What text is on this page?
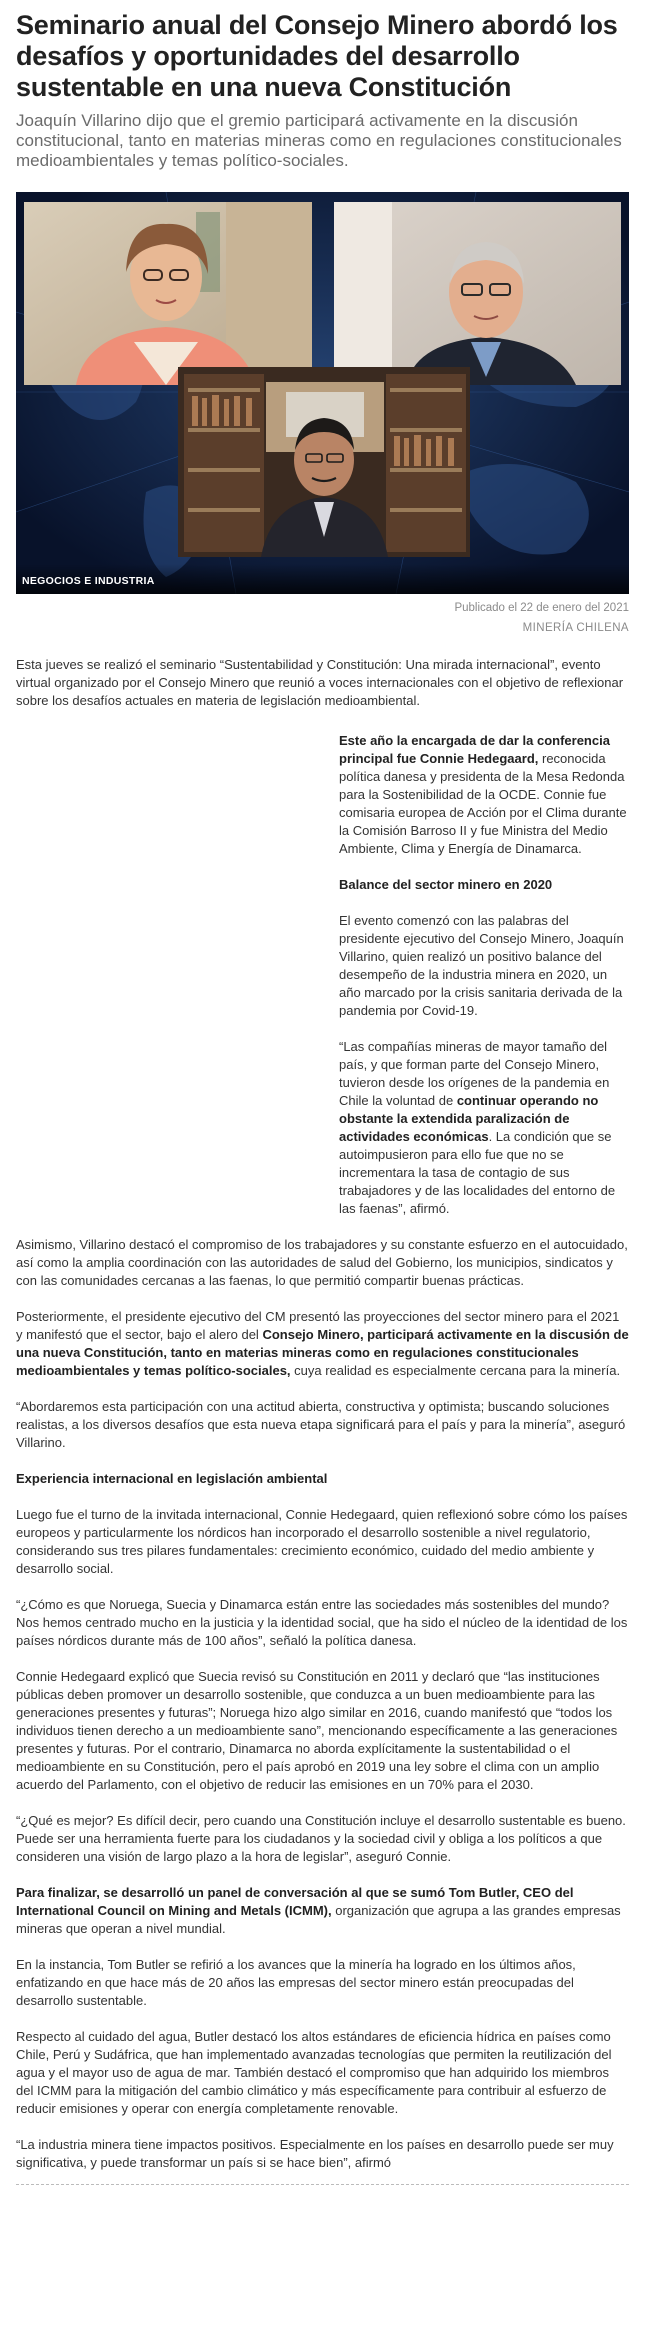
Seminario anual del Consejo Minero abordó los desafíos y oportunidades del desarrollo sustentable en una nueva Constitución

Joaquín Villarino dijo que el gremio participará activamente en la discusión constitucional, tanto en materias mineras como en regulaciones constitucionales medioambientales y temas político-sociales.

NEGOCIOS E INDUSTRIA
Publicado el 22 de enero del 2021
MINERÍA CHILENA

Esta jueves se realizó el seminario “Sustentabilidad y Constitución: Una mirada internacional”, evento virtual organizado por el Consejo Minero que reunió a voces internacionales con el objetivo de reflexionar sobre los desafíos actuales en materia de legislación medioambiental.

Este año la encargada de dar la conferencia principal fue Connie Hedegaard, reconocida política danesa y presidenta de la Mesa Redonda para la Sostenibilidad de la OCDE. Connie fue comisaria europea de Acción por el Clima durante la Comisión Barroso II y fue Ministra del Medio Ambiente, Clima y Energía de Dinamarca.

Balance del sector minero en 2020

El evento comenzó con las palabras del presidente ejecutivo del Consejo Minero, Joaquín Villarino, quien realizó un positivo balance del desempeño de la industria minera en 2020, un año marcado por la crisis sanitaria derivada de la pandemia por Covid-19.

“Las compañías mineras de mayor tamaño del país, y que forman parte del Consejo Minero, tuvieron desde los orígenes de la pandemia en Chile la voluntad de continuar operando no obstante la extendida paralización de actividades económicas. La condición que se autoimpusieron para ello fue que no se incrementara la tasa de contagio de sus trabajadores y de las localidades del entorno de las faenas”, afirmó.

Asimismo, Villarino destacó el compromiso de los trabajadores y su constante esfuerzo en el autocuidado, así como la amplia coordinación con las autoridades de salud del Gobierno, los municipios, sindicatos y con las comunidades cercanas a las faenas, lo que permitió compartir buenas prácticas.

Posteriormente, el presidente ejecutivo del CM presentó las proyecciones del sector minero para el 2021 y manifestó que el sector, bajo el alero del Consejo Minero, participará activamente en la discusión de una nueva Constitución, tanto en materias mineras como en regulaciones constitucionales medioambientales y temas político-sociales, cuya realidad es especialmente cercana para la minería.

“Abordaremos esta participación con una actitud abierta, constructiva y optimista; buscando soluciones realistas, a los diversos desafíos que esta nueva etapa significará para el país y para la minería”, aseguró Villarino.

Experiencia internacional en legislación ambiental

Luego fue el turno de la invitada internacional, Connie Hedegaard, quien reflexionó sobre cómo los países europeos y particularmente los nórdicos han incorporado el desarrollo sostenible a nivel regulatorio, considerando sus tres pilares fundamentales: crecimiento económico, cuidado del medio ambiente y desarrollo social.

“¿Cómo es que Noruega, Suecia y Dinamarca están entre las sociedades más sostenibles del mundo? Nos hemos centrado mucho en la justicia y la identidad social, que ha sido el núcleo de la identidad de los países nórdicos durante más de 100 años”, señaló la política danesa.

Connie Hedegaard explicó que Suecia revisó su Constitución en 2011 y declaró que “las instituciones públicas deben promover un desarrollo sostenible, que conduzca a un buen medioambiente para las generaciones presentes y futuras”; Noruega hizo algo similar en 2016, cuando manifestó que “todos los individuos tienen derecho a un medioambiente sano”, mencionando específicamente a las generaciones presentes y futuras. Por el contrario, Dinamarca no aborda explícitamente la sustentabilidad o el medioambiente en su Constitución, pero el país aprobó en 2019 una ley sobre el clima con un amplio acuerdo del Parlamento, con el objetivo de reducir las emisiones en un 70% para el 2030.

“¿Qué es mejor? Es difícil decir, pero cuando una Constitución incluye el desarrollo sustentable es bueno. Puede ser una herramienta fuerte para los ciudadanos y la sociedad civil y obliga a los políticos a que consideren una visión de largo plazo a la hora de legislar”, aseguró Connie.

Para finalizar, se desarrolló un panel de conversación al que se sumó Tom Butler, CEO del International Council on Mining and Metals (ICMM), organización que agrupa a las grandes empresas mineras que operan a nivel mundial.

En la instancia, Tom Butler se refirió a los avances que la minería ha logrado en los últimos años, enfatizando en que hace más de 20 años las empresas del sector minero están preocupadas del desarrollo sustentable.

Respecto al cuidado del agua, Butler destacó los altos estándares de eficiencia hídrica en países como Chile, Perú y Sudáfrica, que han implementado avanzadas tecnologías que permiten la reutilización del agua y el mayor uso de agua de mar. También destacó el compromiso que han adquirido los miembros del ICMM para la mitigación del cambio climático y más específicamente para contribuir al esfuerzo de reducir emisiones y operar con energía completamente renovable.

“La industria minera tiene impactos positivos. Especialmente en los países en desarrollo puede ser muy significativa, y puede transformar un país si se hace bien”, afirmó
